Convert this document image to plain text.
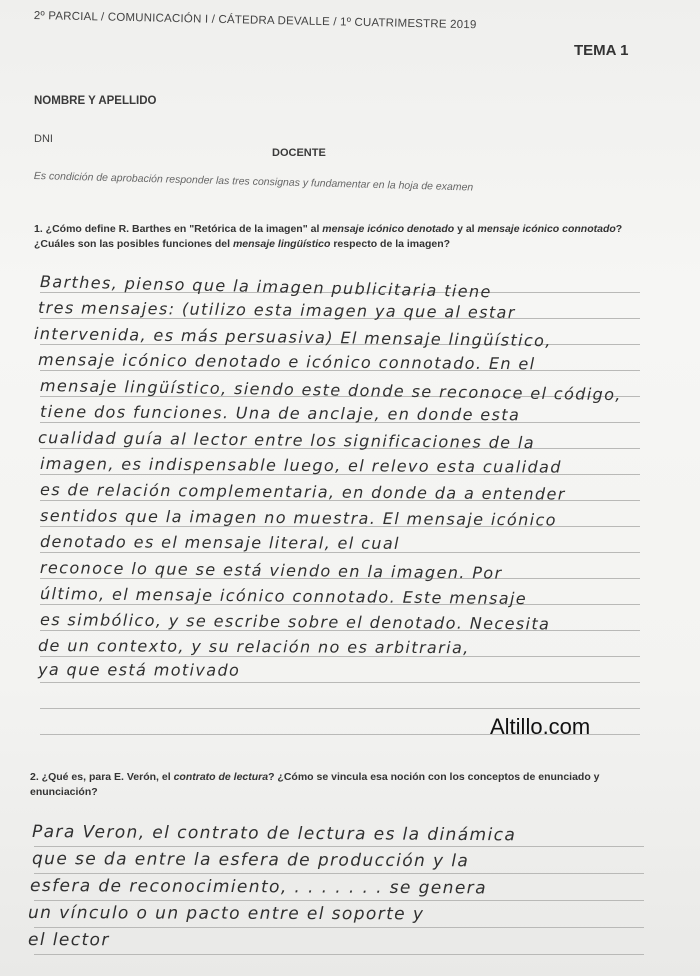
2º PARCIAL / COMUNICACIÓN I / CÁTEDRA DEVALLE / 1º CUATRIMESTRE 2019
TEMA 1
NOMBRE Y APELLIDO
DNI
DOCENTE
Es condición de aprobación responder las tres consignas y fundamentar en la hoja de examen
1. ¿Cómo define R. Barthes en "Retórica de la imagen" al mensaje icónico denotado y al mensaje icónico connotado? ¿Cuáles son las posibles funciones del mensaje lingüístico respecto de la imagen?
Barthes, pienso que la imagen publicitaria tiene
tres mensajes: (utilizo esta imagen ya que al estar
intervenida, es más persuasiva) El mensaje lingüístico,
mensaje icónico denotado e icónico connotado. En el
mensaje lingüístico, siendo este donde se reconoce el código,
tiene dos funciones. Una de anclaje, en donde esta
cualidad guía al lector entre los significaciones de la
imagen, es indispensable luego, el relevo esta cualidad
es de relación complementaria, en donde da a entender
sentidos que la imagen no muestra. El mensaje icónico
denotado es el mensaje literal, el cual
reconoce lo que se está viendo en la imagen. Por
último, el mensaje icónico connotado. Este mensaje
es simbólico, y se escribe sobre el denotado. Necesita
de un contexto, y su relación no es arbitraria,
ya que está motivado
Altillo.com
2. ¿Qué es, para E. Verón, el contrato de lectura? ¿Cómo se vincula esa noción con los conceptos de enunciado y enunciación?
Para Veron, el contrato de lectura es la dinámica
que se da entre la esfera de producción y la
esfera de reconocimiento, . . . . . . . se genera
un vínculo o un pacto entre el soporte y
el lector
